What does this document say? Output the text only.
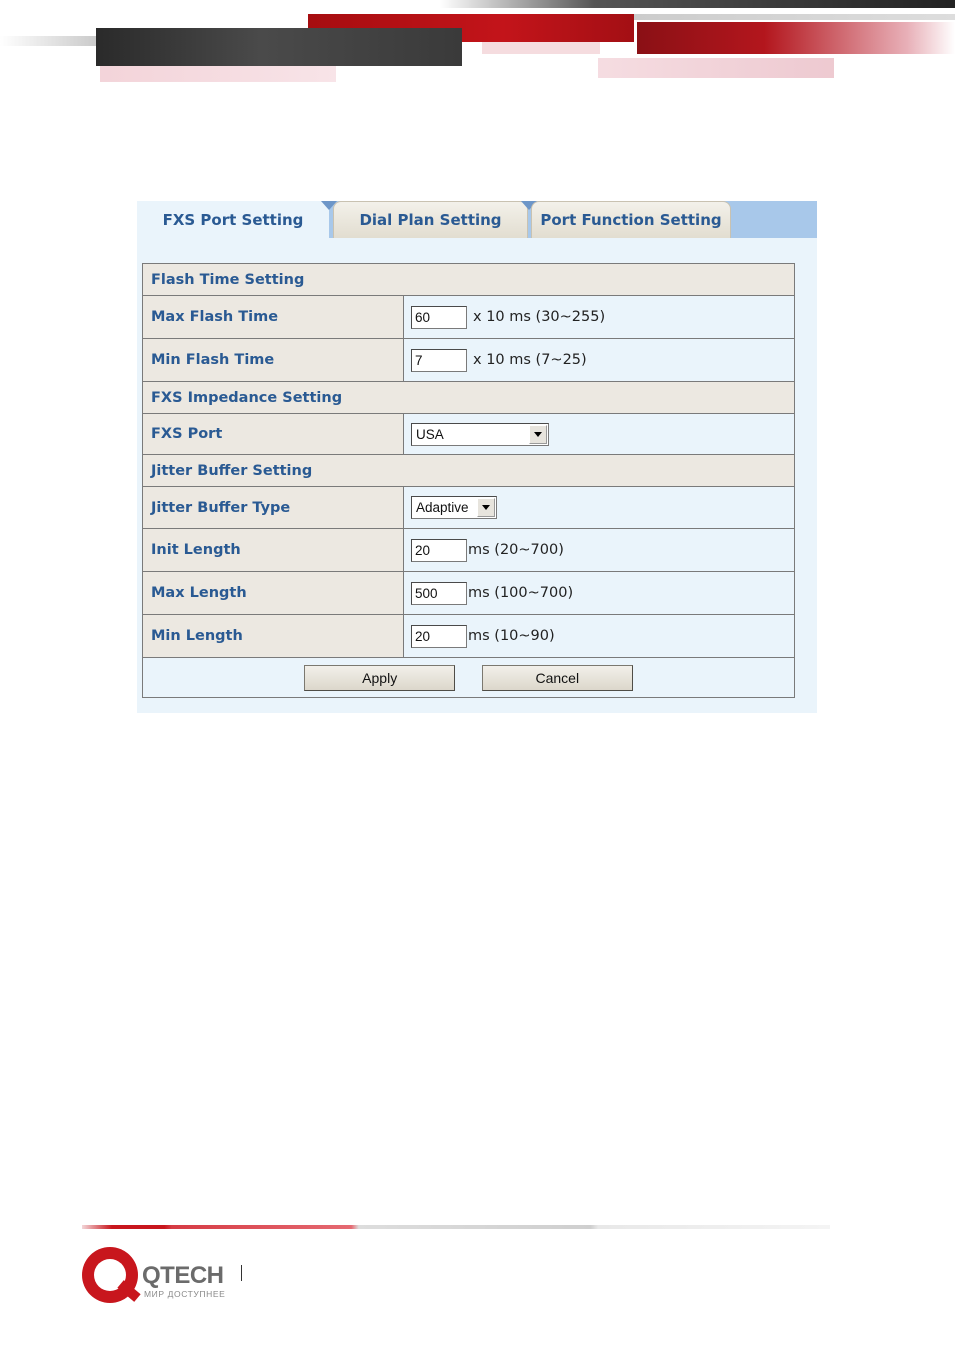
FXS Port Setting	Dial Plan Setting	Port Function Setting
Flash Time Setting	
Max Flash Time	60 x 10 ms (30~255)
Min Flash Time	7 x 10 ms (7~25)
FXS Impedance Setting	
FXS Port	USA

Jitter Buffer Setting	
Jitter Buffer Type	Adaptive

Init Length	20 ms (20~700)
Max Length	500 ms (100~700)
Min Length	20 ms (10~90)
Apply Cancel	
QTECH
МИР ДОСТУПНЕЕ
